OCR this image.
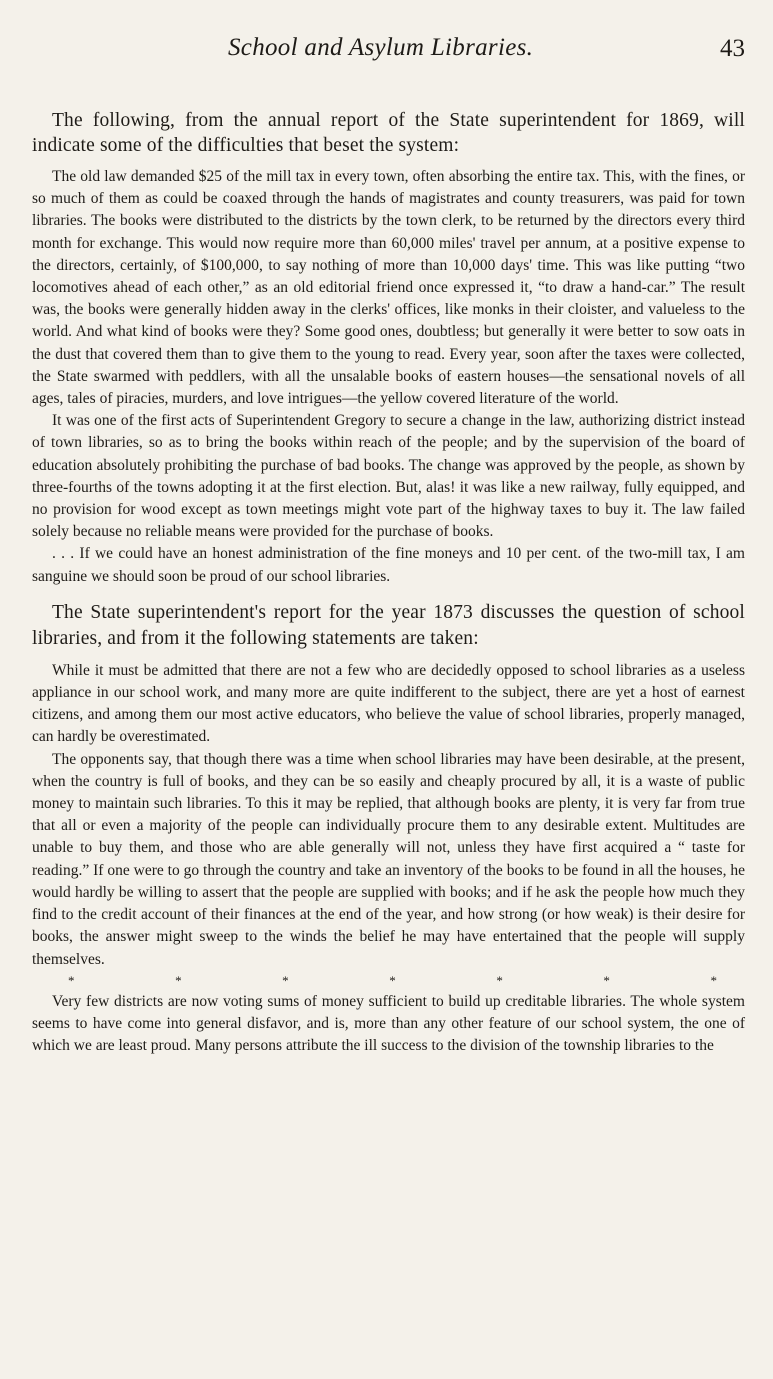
School and Asylum Libraries.	43

The following, from the annual report of the State superintendent for 1869, will indicate some of the difficulties that beset the system:

The old law demanded $25 of the mill tax in every town, often absorbing the entire tax. This, with the fines, or so much of them as could be coaxed through the hands of magistrates and county treasurers, was paid for town libraries. The books were distributed to the districts by the town clerk, to be returned by the directors every third month for exchange. This would now require more than 60,000 miles' travel per annum, at a positive expense to the directors, certainly, of $100,000, to say nothing of more than 10,000 days' time. This was like putting “two locomotives ahead of each other,” as an old editorial friend once expressed it, “to draw a hand-car.” The result was, the books were generally hidden away in the clerks' offices, like monks in their cloister, and valueless to the world. And what kind of books were they? Some good ones, doubtless; but generally it were better to sow oats in the dust that covered them than to give them to the young to read. Every year, soon after the taxes were collected, the State swarmed with peddlers, with all the unsalable books of eastern houses—the sensational novels of all ages, tales of piracies, murders, and love intrigues—the yellow covered literature of the world.

It was one of the first acts of Superintendent Gregory to secure a change in the law, authorizing district instead of town libraries, so as to bring the books within reach of the people; and by the supervision of the board of education absolutely prohibiting the purchase of bad books. The change was approved by the people, as shown by three-fourths of the towns adopting it at the first election. But, alas! it was like a new railway, fully equipped, and no provision for wood except as town meetings might vote part of the highway taxes to buy it. The law failed solely because no reliable means were provided for the purchase of books.

. . . If we could have an honest administration of the fine moneys and 10 per cent. of the two-mill tax, I am sanguine we should soon be proud of our school libraries.

The State superintendent's report for the year 1873 discusses the question of school libraries, and from it the following statements are taken:

While it must be admitted that there are not a few who are decidedly opposed to school libraries as a useless appliance in our school work, and many more are quite indifferent to the subject, there are yet a host of earnest citizens, and among them our most active educators, who believe the value of school libraries, properly managed, can hardly be overestimated.

The opponents say, that though there was a time when school libraries may have been desirable, at the present, when the country is full of books, and they can be so easily and cheaply procured by all, it is a waste of public money to maintain such libraries. To this it may be replied, that although books are plenty, it is very far from true that all or even a majority of the people can individually procure them to any desirable extent. Multitudes are unable to buy them, and those who are able generally will not, unless they have first acquired a “ taste for reading.” If one were to go through the country and take an inventory of the books to be found in all the houses, he would hardly be willing to assert that the people are supplied with books; and if he ask the people how much they find to the credit account of their finances at the end of the year, and how strong (or how weak) is their desire for books, the answer might sweep to the winds the belief he may have entertained that the people will supply themselves.

*	*	*	*	*	*	*

Very few districts are now voting sums of money sufficient to build up creditable libraries. The whole system seems to have come into general disfavor, and is, more than any other feature of our school system, the one of which we are least proud. Many persons attribute the ill success to the division of the township libraries to the
